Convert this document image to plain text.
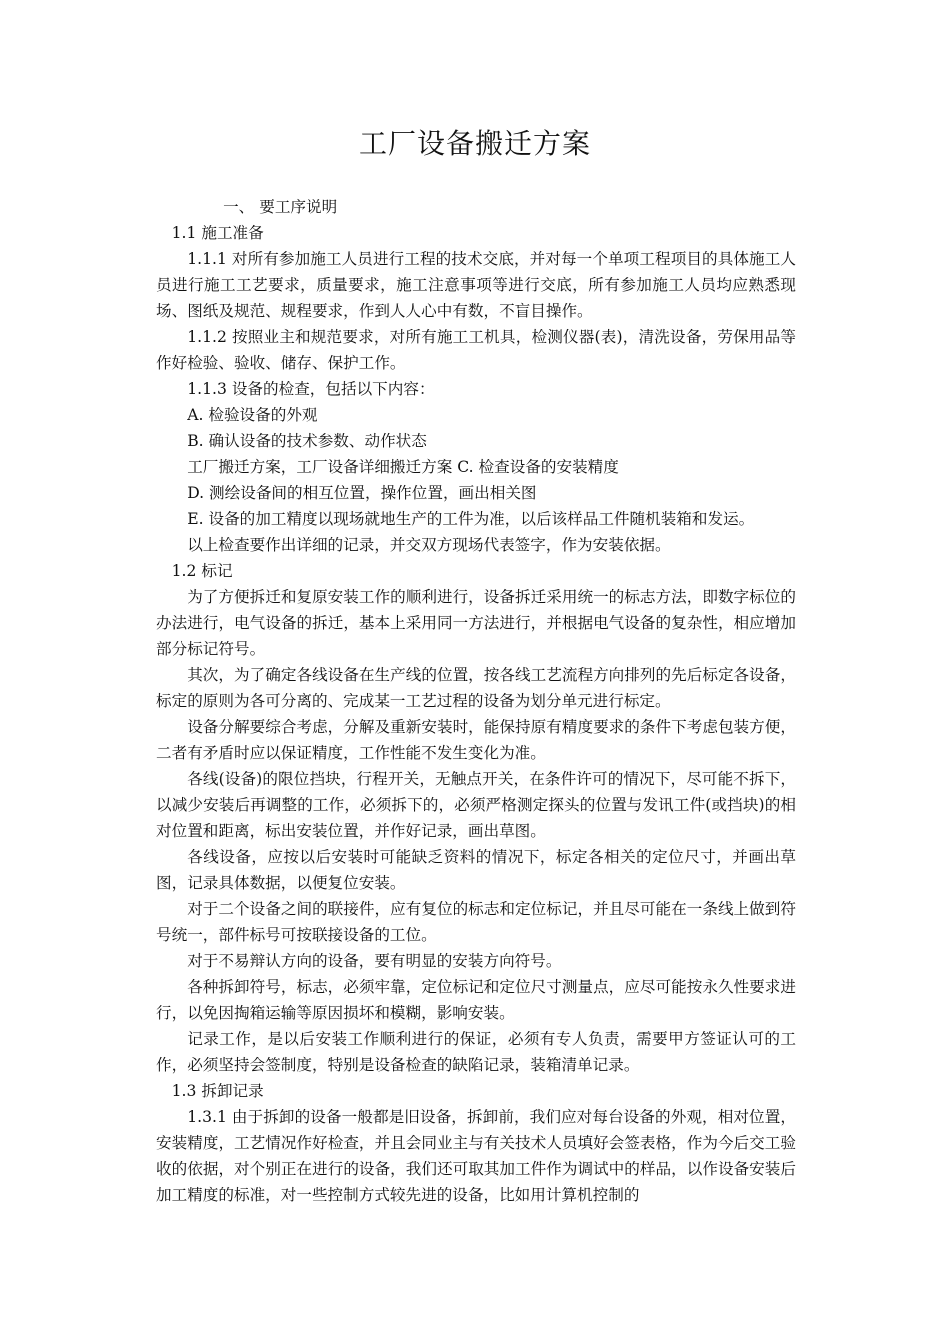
工厂设备搬迁方案

一、 要工序说明

1.1 施工准备

1.1.1 对所有参加施工人员进行工程的技术交底，并对每一个单项工程项目的具体施工人员进行施工工艺要求，质量要求，施工注意事项等进行交底，所有参加施工人员均应熟悉现场、图纸及规范、规程要求，作到人人心中有数，不盲目操作。

1.1.2 按照业主和规范要求，对所有施工工机具，检测仪器(表)，清洗设备，劳保用品等作好检验、验收、储存、保护工作。

1.1.3 设备的检查，包括以下内容：

A. 检验设备的外观

B. 确认设备的技术参数、动作状态

工厂搬迁方案，工厂设备详细搬迁方案 C. 检查设备的安装精度

D. 测绘设备间的相互位置，操作位置，画出相关图

E. 设备的加工精度以现场就地生产的工件为准，以后该样品工件随机装箱和发运。

以上检查要作出详细的记录，并交双方现场代表签字，作为安装依据。

1.2 标记

为了方便拆迁和复原安装工作的顺利进行，设备拆迁采用统一的标志方法，即数字标位的办法进行，电气设备的拆迁，基本上采用同一方法进行，并根据电气设备的复杂性，相应增加部分标记符号。

其次，为了确定各线设备在生产线的位置，按各线工艺流程方向排列的先后标定各设备，标定的原则为各可分离的、完成某一工艺过程的设备为划分单元进行标定。

设备分解要综合考虑，分解及重新安装时，能保持原有精度要求的条件下考虑包装方便，二者有矛盾时应以保证精度，工作性能不发生变化为准。

各线(设备)的限位挡块，行程开关，无触点开关，在条件许可的情况下，尽可能不拆下，以减少安装后再调整的工作，必须拆下的，必须严格测定探头的位置与发讯工件(或挡块)的相对位置和距离，标出安装位置，并作好记录，画出草图。

各线设备，应按以后安装时可能缺乏资料的情况下，标定各相关的定位尺寸，并画出草图，记录具体数据，以便复位安装。

对于二个设备之间的联接件，应有复位的标志和定位标记，并且尽可能在一条线上做到符号统一，部件标号可按联接设备的工位。

对于不易辩认方向的设备，要有明显的安装方向符号。

各种拆卸符号，标志，必须牢靠，定位标记和定位尺寸测量点，应尽可能按永久性要求进行，以免因掏箱运输等原因损坏和模糊，影响安装。

记录工作，是以后安装工作顺利进行的保证，必须有专人负责，需要甲方签证认可的工作，必须坚持会签制度，特别是设备检查的缺陷记录，装箱清单记录。

1.3 拆卸记录

1.3.1 由于拆卸的设备一般都是旧设备，拆卸前，我们应对每台设备的外观，相对位置，安装精度，工艺情况作好检查，并且会同业主与有关技术人员填好会签表格，作为今后交工验收的依据，对个别正在进行的设备，我们还可取其加工件作为调试中的样品，以作设备安装后加工精度的标准，对一些控制方式较先进的设备，比如用计算机控制的
